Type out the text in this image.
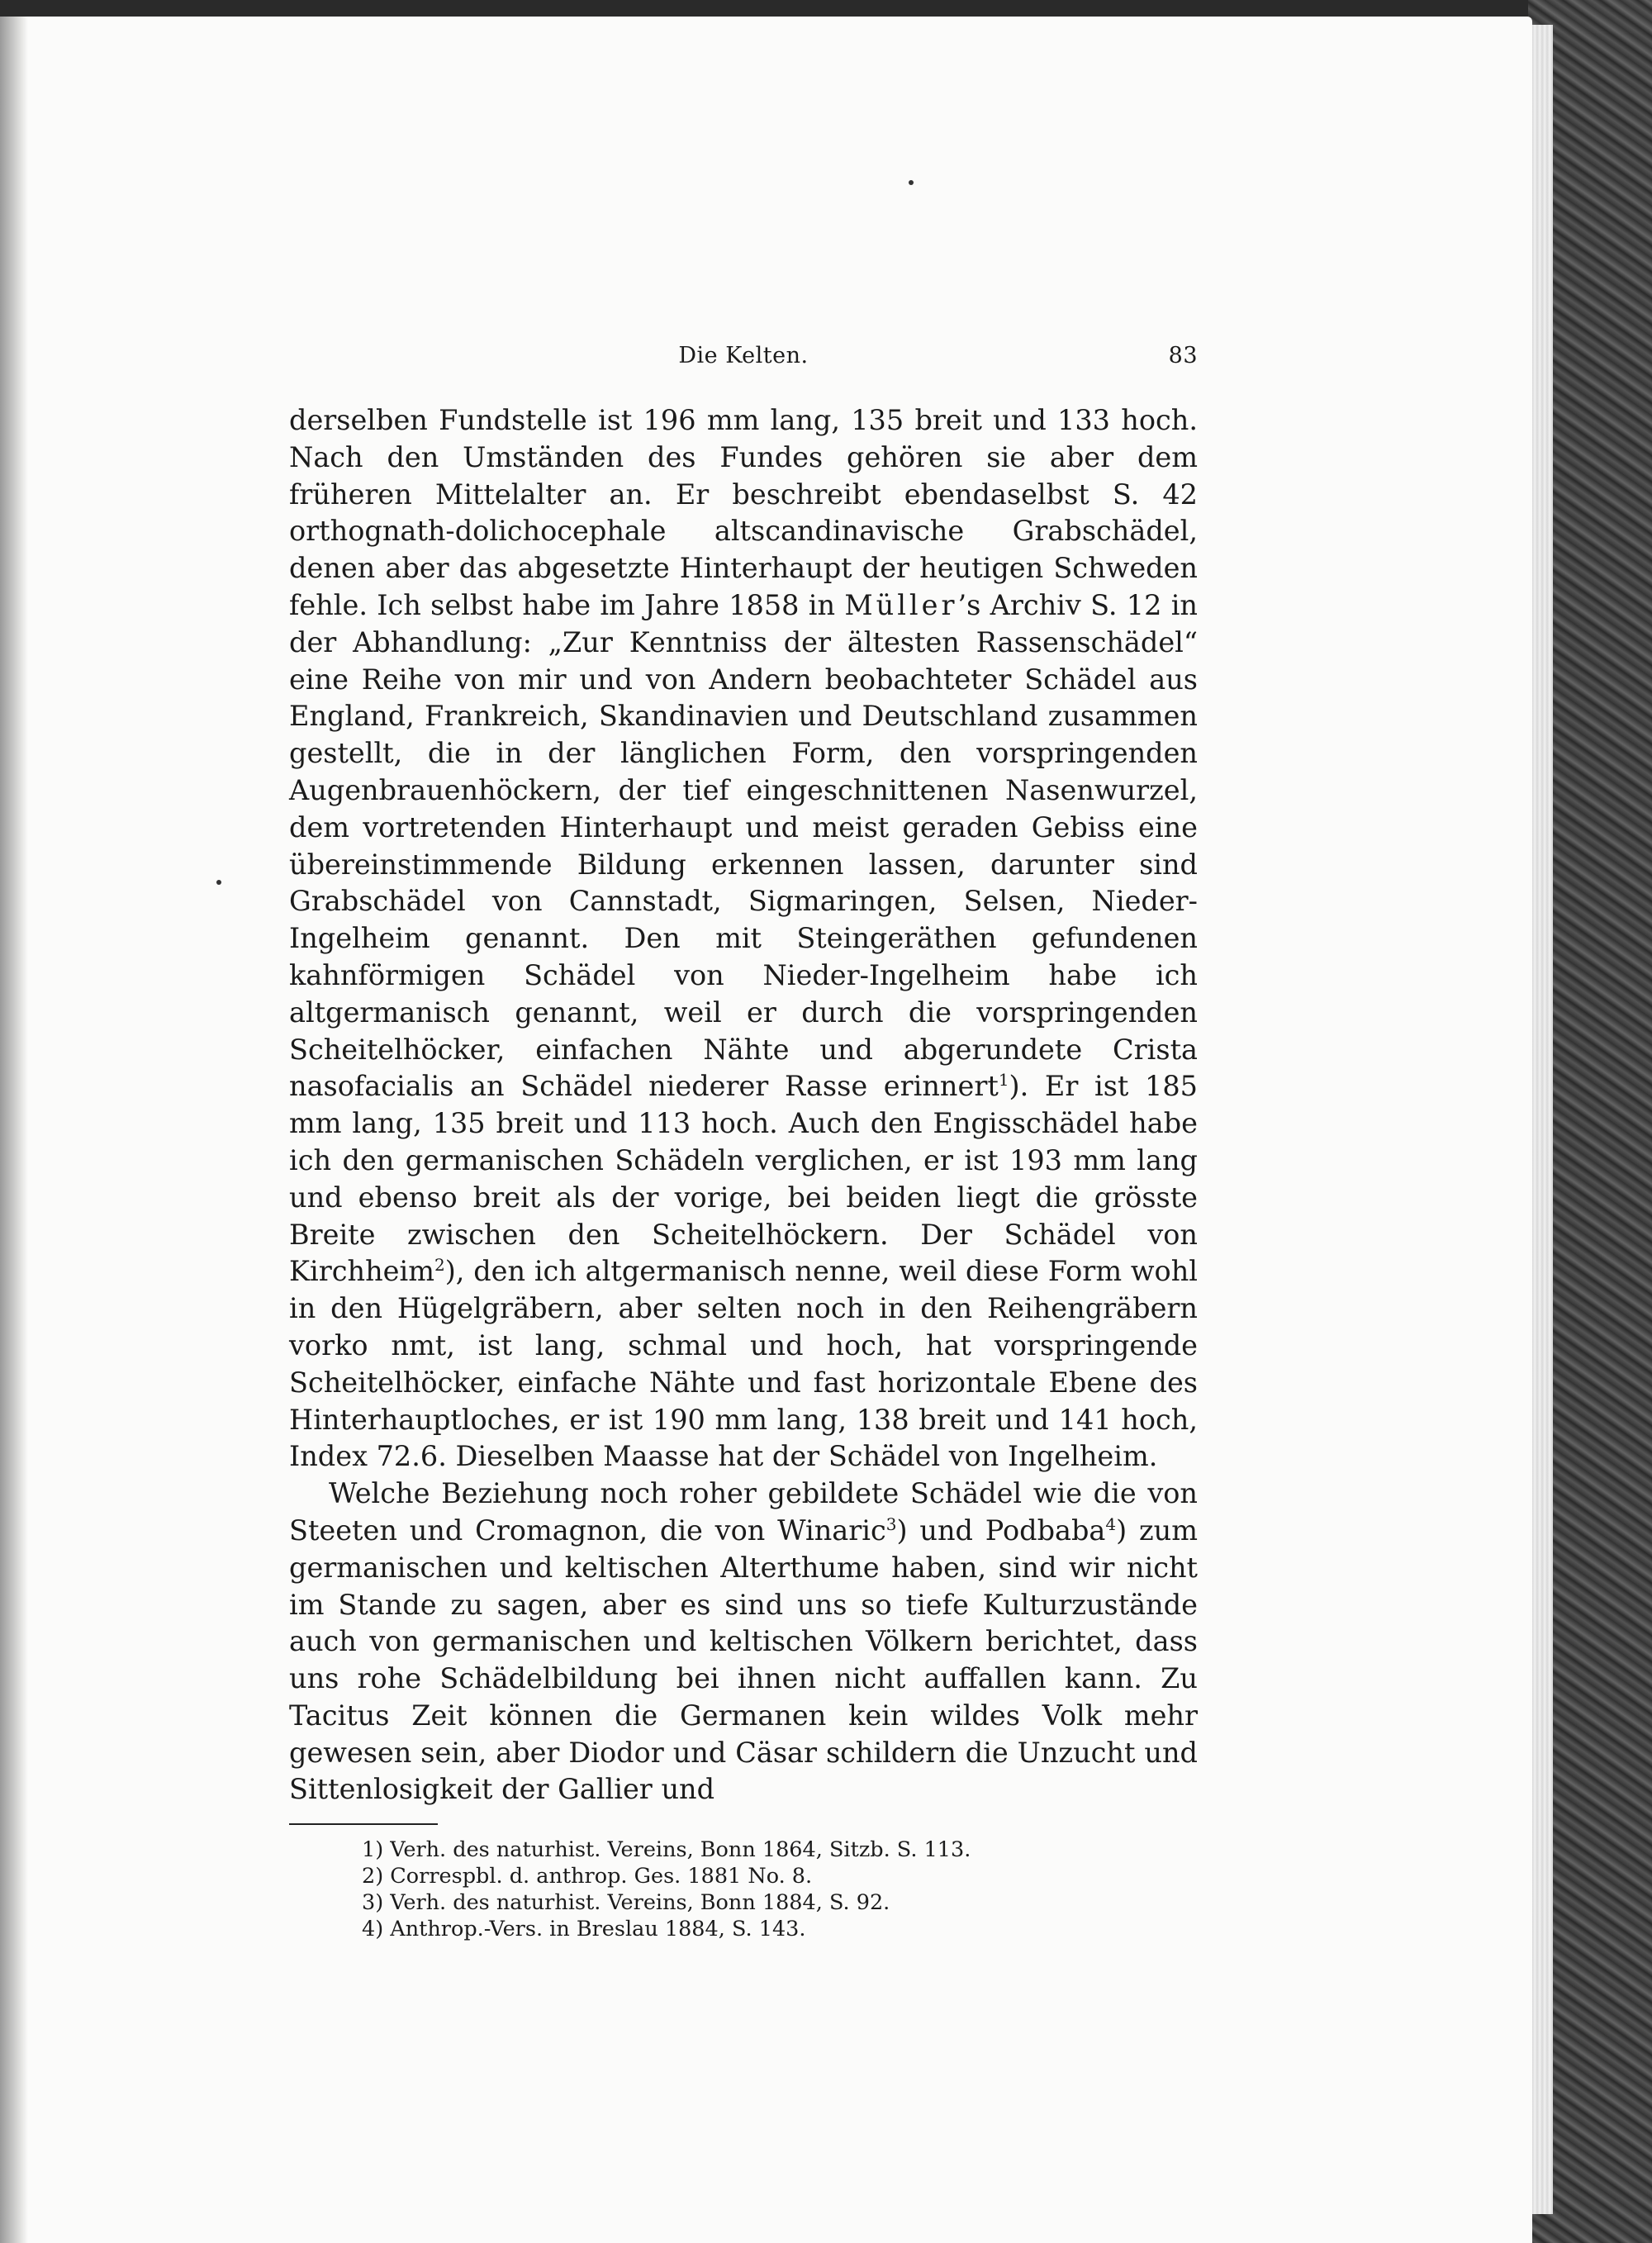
Die Kelten.	83

derselben Fundstelle ist 196 mm lang, 135 breit und 133 hoch. Nach den Umständen des Fundes gehören sie aber dem früheren Mittelalter an. Er beschreibt ebendaselbst S. 42 orthognath-dolichocephale altscandinavische Grabschädel, denen aber das abgesetzte Hinterhaupt der heutigen Schweden fehle. Ich selbst habe im Jahre 1858 in Müller’s Archiv S. 12 in der Abhandlung: „Zur Kenntniss der ältesten Rassenschädel“ eine Reihe von mir und von Andern beobachteter Schädel aus England, Frankreich, Skandinavien und Deutschland zusammen gestellt, die in der länglichen Form, den vorspringenden Augenbrauenhöckern, der tief eingeschnittenen Nasenwurzel, dem vortretenden Hinterhaupt und meist geraden Gebiss eine übereinstimmende Bildung erkennen lassen, darunter sind Grabschädel von Cannstadt, Sigmaringen, Selsen, Nieder-Ingelheim genannt. Den mit Steingeräthen gefundenen kahnförmigen Schädel von Nieder-Ingelheim habe ich altgermanisch genannt, weil er durch die vorspringenden Scheitelhöcker, einfachen Nähte und abgerundete Crista nasofacialis an Schädel niederer Rasse erinnert$^1$). Er ist 185 mm lang, 135 breit und 113 hoch. Auch den Engisschädel habe ich den germanischen Schädeln verglichen, er ist 193 mm lang und ebenso breit als der vorige, bei beiden liegt die grösste Breite zwischen den Scheitelhöckern. Der Schädel von Kirchheim$^2$), den ich altgermanisch nenne, weil diese Form wohl in den Hügelgräbern, aber selten noch in den Reihengräbern vorko nmt, ist lang, schmal und hoch, hat vorspringende Scheitelhöcker, einfache Nähte und fast horizontale Ebene des Hinterhauptloches, er ist 190 mm lang, 138 breit und 141 hoch, Index 72.6. Dieselben Maasse hat der Schädel von Ingelheim.

Welche Beziehung noch roher gebildete Schädel wie die von Steeten und Cromagnon, die von Winaric$^3$) und Podbaba$^4$) zum germanischen und keltischen Alterthume haben, sind wir nicht im Stande zu sagen, aber es sind uns so tiefe Kulturzustände auch von germanischen und keltischen Völkern berichtet, dass uns rohe Schädelbildung bei ihnen nicht auffallen kann. Zu Tacitus Zeit können die Germanen kein wildes Volk mehr gewesen sein, aber Diodor und Cäsar schildern die Unzucht und Sittenlosigkeit der Gallier und

1) Verh. des naturhist. Vereins, Bonn 1864, Sitzb. S. 113.

2) Correspbl. d. anthrop. Ges. 1881 No. 8.

3) Verh. des naturhist. Vereins, Bonn 1884, S. 92.

4) Anthrop.-Vers. in Breslau 1884, S. 143.
